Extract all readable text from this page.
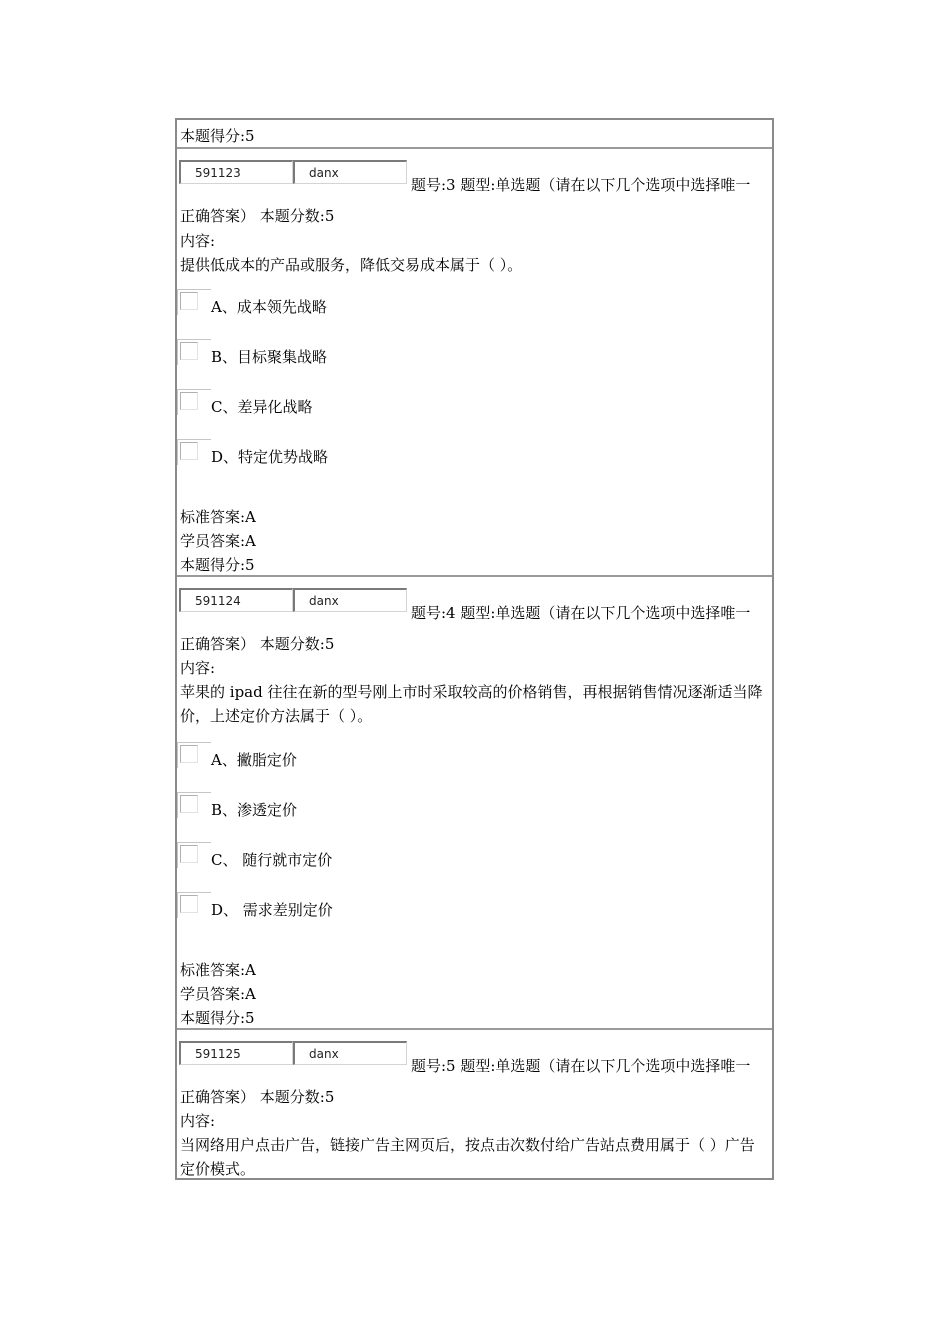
本题得分:5
591123	danx
题号:3 题型:单选题（请在以下几个选项中选择唯一
正确答案） 本题分数:5
内容:
提供低成本的产品或服务，降低交易成本属于（ ）。
A、成本领先战略
B、目标聚集战略
C、差异化战略
D、特定优势战略
标准答案:A
学员答案:A
本题得分:5
591124	danx
题号:4 题型:单选题（请在以下几个选项中选择唯一
正确答案） 本题分数:5
内容:
苹果的 ipad 往往在新的型号刚上市时采取较高的价格销售，再根据销售情况逐渐适当降价，上述定价方法属于（ ）。
A、撇脂定价
B、渗透定价
C、 随行就市定价
D、 需求差别定价
标准答案:A
学员答案:A
本题得分:5
591125	danx
题号:5 题型:单选题（请在以下几个选项中选择唯一
正确答案） 本题分数:5
内容:
当网络用户点击广告，链接广告主网页后，按点击次数付给广告站点费用属于（ ）广告定价模式。
